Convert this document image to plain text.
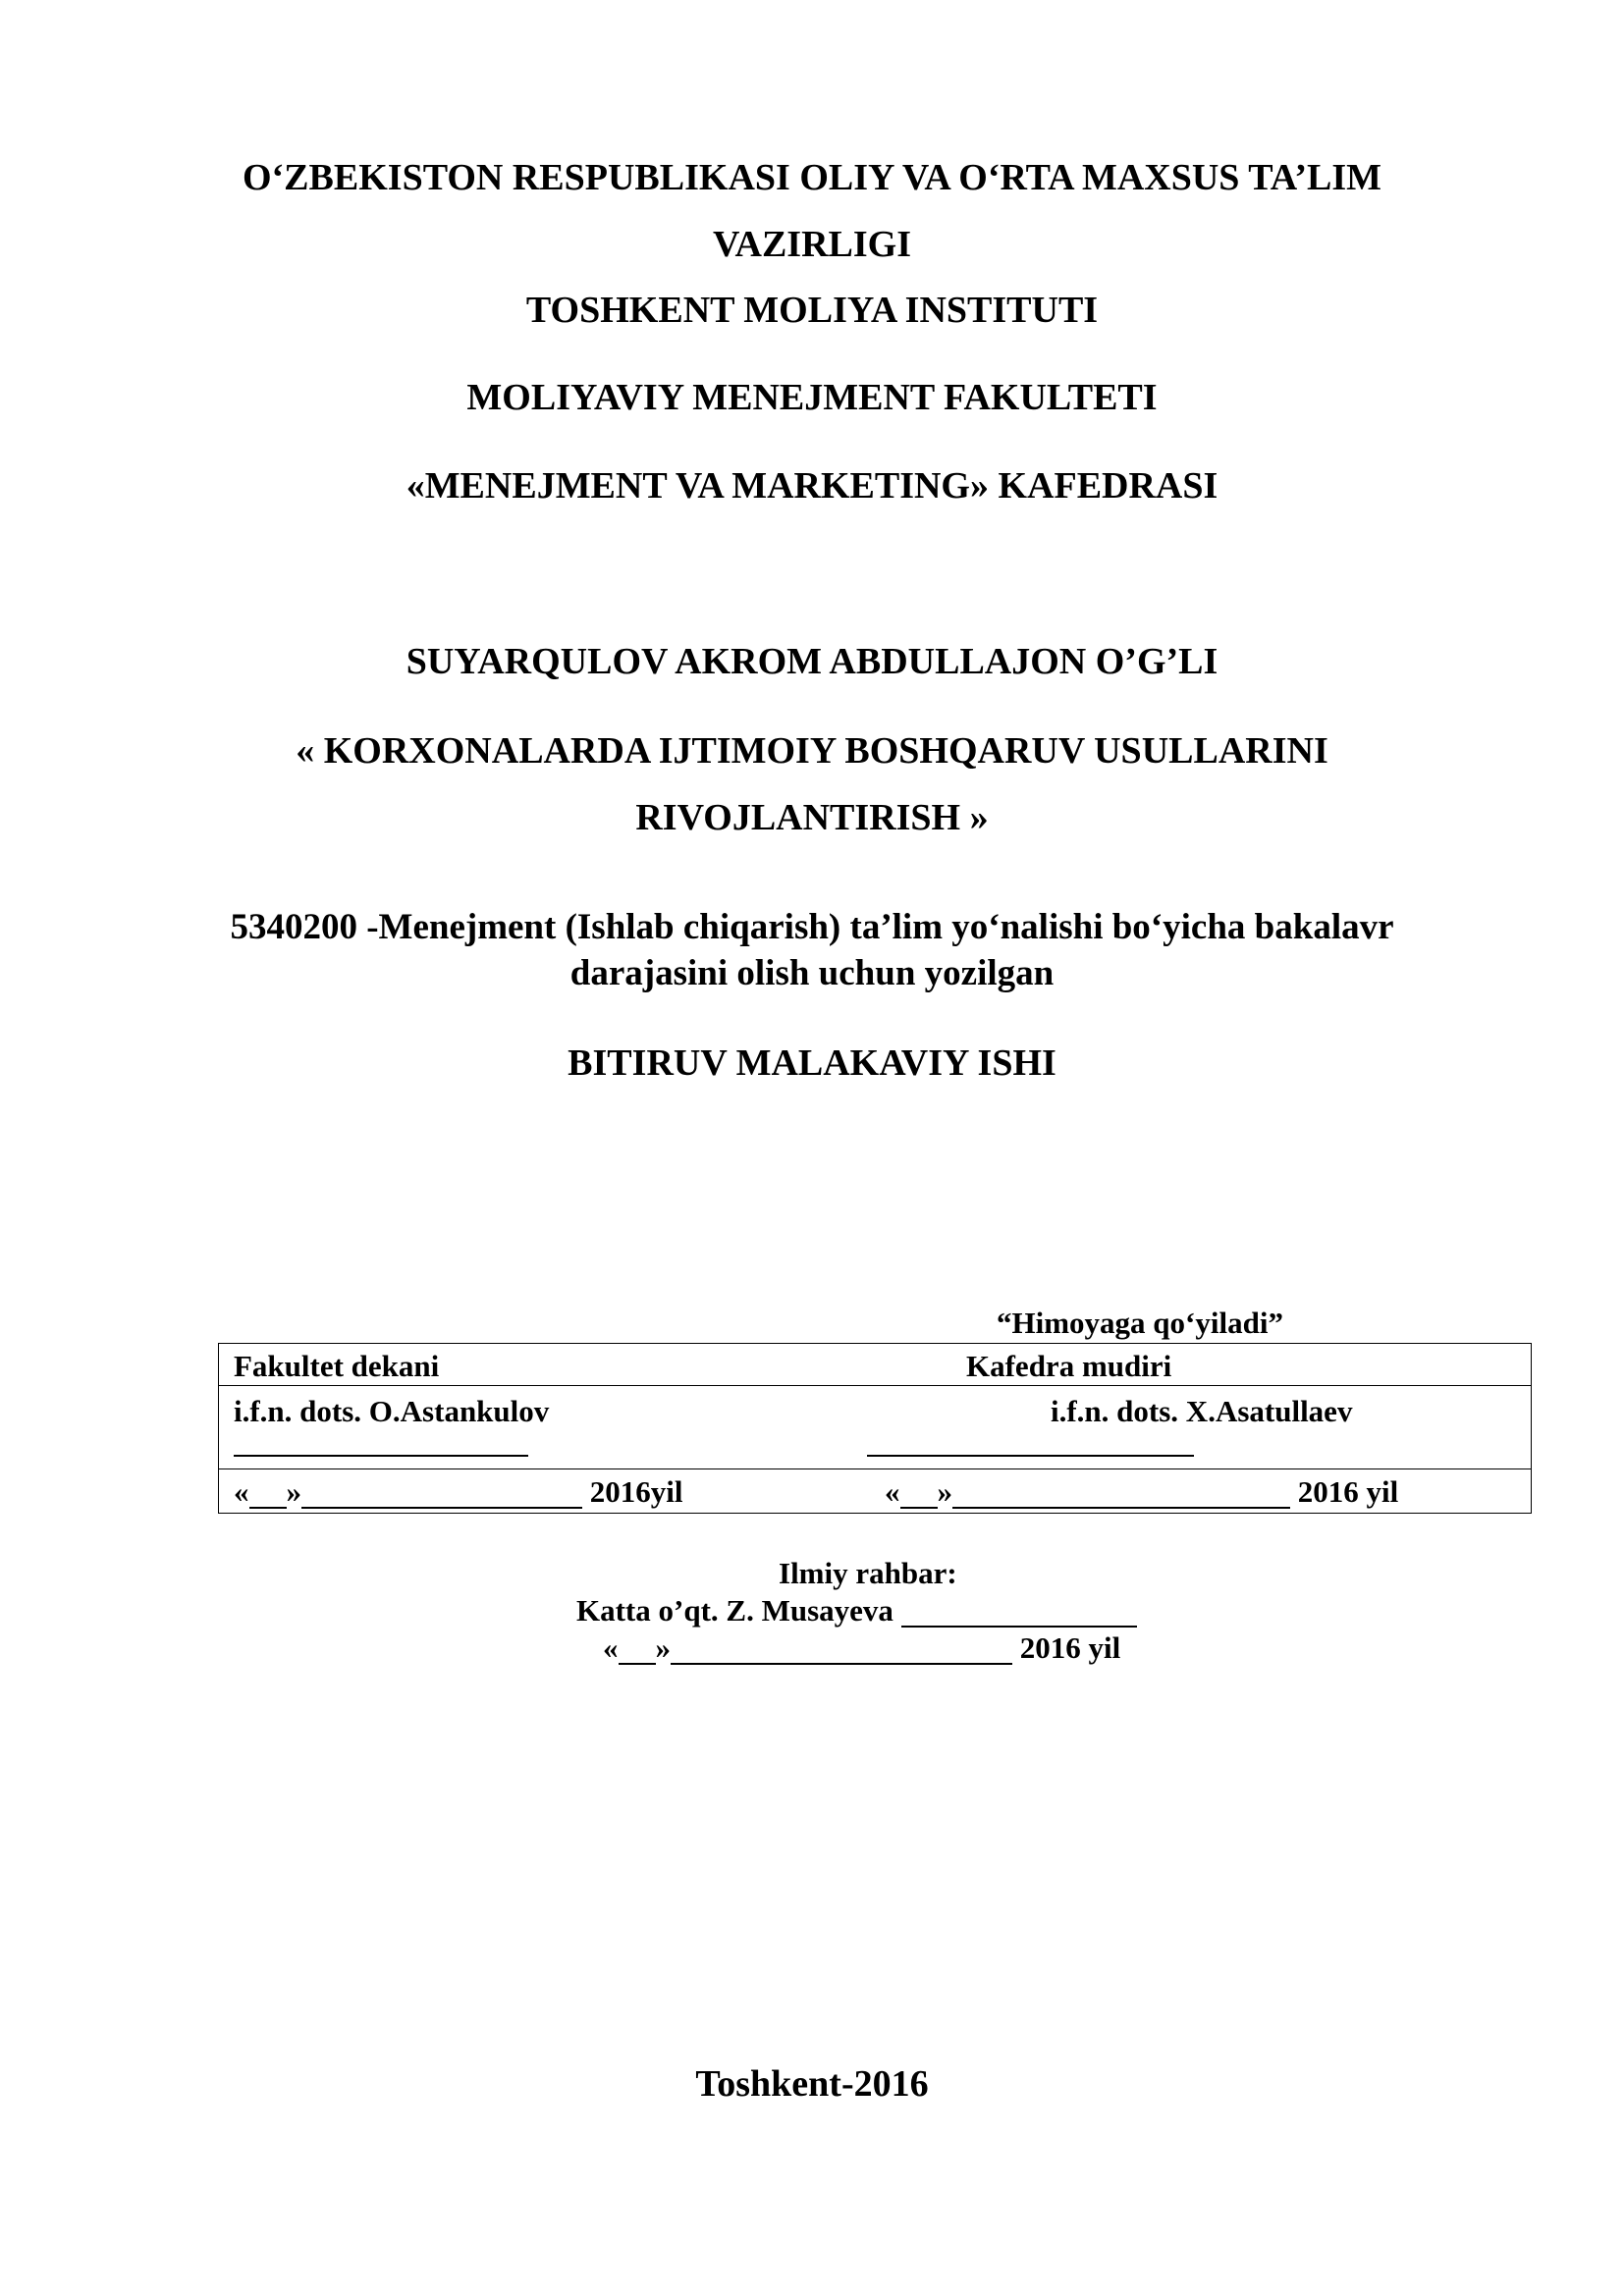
O‘ZBEKISTON RESPUBLIKASI OLIY VA O‘RTA MAXSUS TA’LIM
VAZIRLIGI
TOSHKENT MOLIYA INSTITUTI
MOLIYAVIY MENEJMENT FAKULTETI
«MENEJMENT VA MARKETING» KAFEDRASI
SUYARQULOV AKROM ABDULLAJON O’G’LI
« KORXONALARDA IJTIMOIY BOSHQARUV USULLARINI
RIVOJLANTIRISH »
5340200 -Menejment (Ishlab chiqarish) ta’lim yo‘nalishi bo‘yicha bakalavr
darajasini olish uchun yozilgan
BITIRUV MALAKAVIY ISHI
“Himoyaga qo‘yiladi”
Fakultet dekani	Kafedra mudiri
i.f.n. dots. O.Astankulov	i.f.n. dots. X.Asatullaev
« »	2016yil	« »	2016 yil
Ilmiy rahbar:
Katta o’qt. Z. Musayeva
« »	2016 yil
Toshkent-2016
